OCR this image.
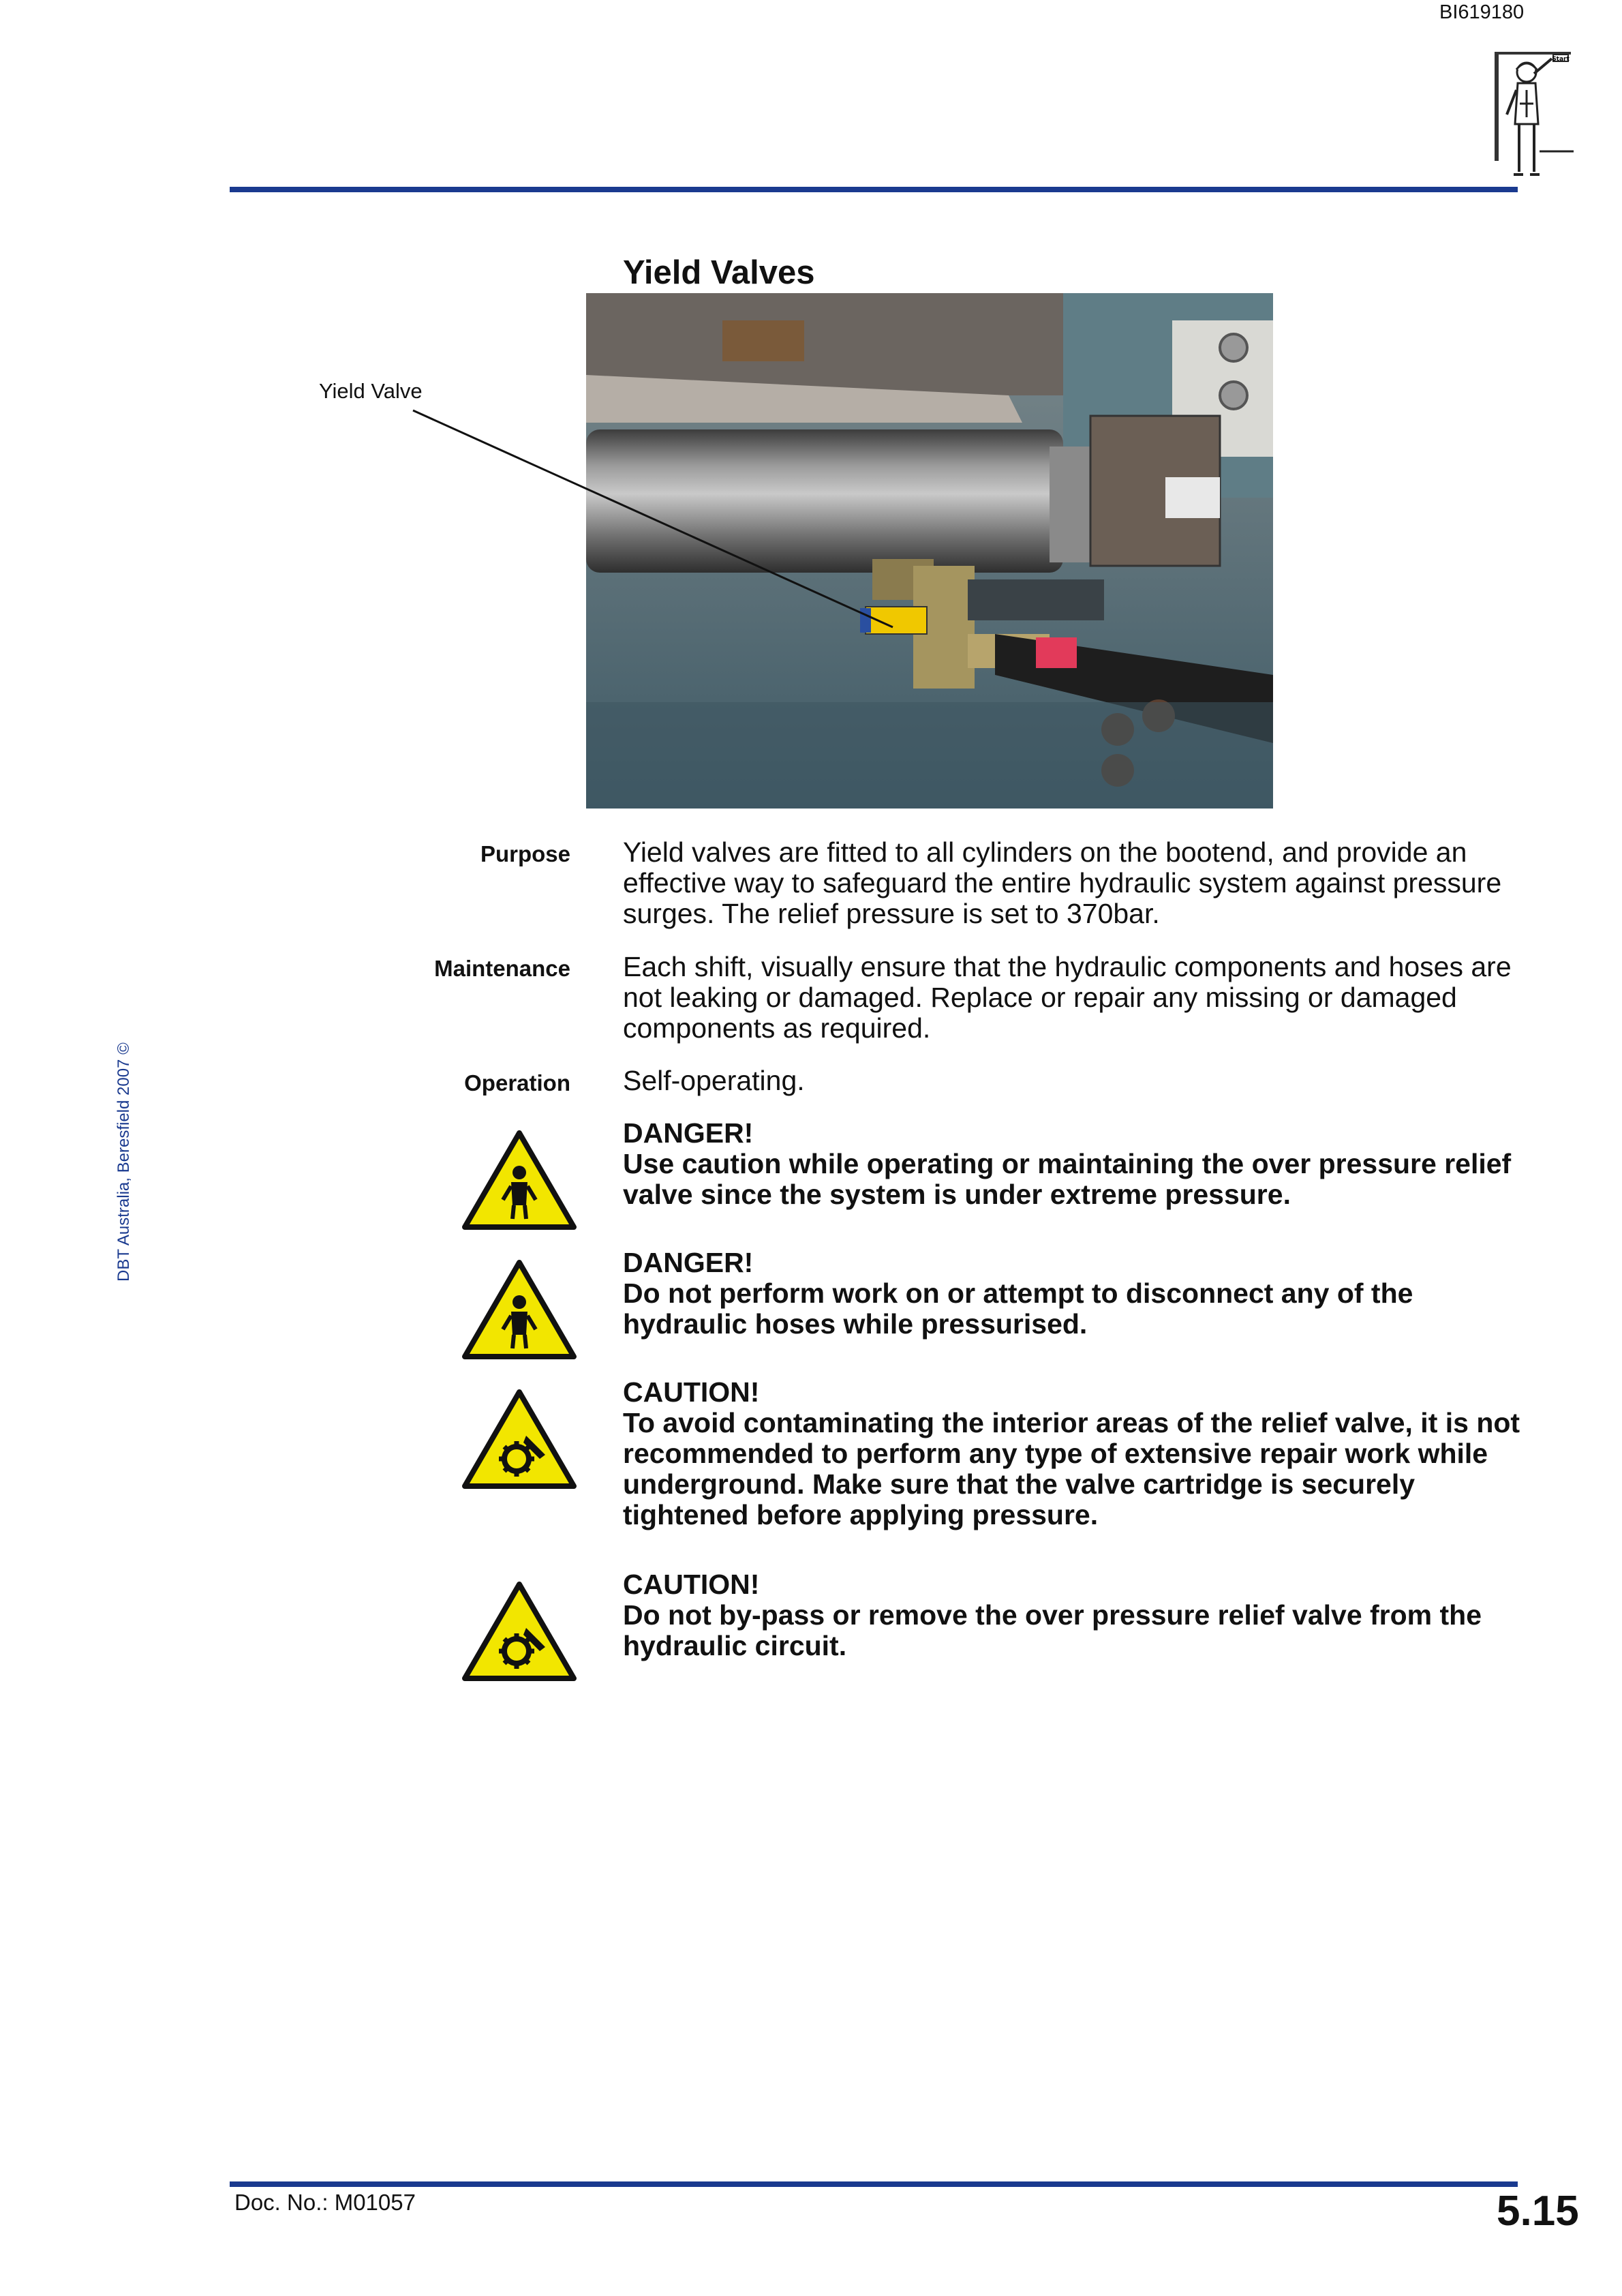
BI619180
Start
Yield Valves
Yield Valve
Purpose Yield valves are fitted to all cylinders on the bootend, and provide an effective way to safeguard the entire hydraulic system against pressure surges. The relief pressure is set to 370bar.
Maintenance Each shift, visually ensure that the hydraulic components and hoses are not leaking or damaged. Replace or repair any missing or damaged components as required.
Operation Self-operating.
DANGER!
Use caution while operating or maintaining the over pressure relief valve since the system is under extreme pressure.
DANGER!
Do not perform work on or attempt to disconnect any of the hydraulic hoses while pressurised.
CAUTION!
To avoid contaminating the interior areas of the relief valve, it is not recommended to perform any type of extensive repair work while underground. Make sure that the valve cartridge is securely tightened before applying pressure.
CAUTION!
Do not by-pass or remove the over pressure relief valve from the hydraulic circuit.
DBT Australia, Beresfield 2007 ©
Doc. No.: M01057	5.15
